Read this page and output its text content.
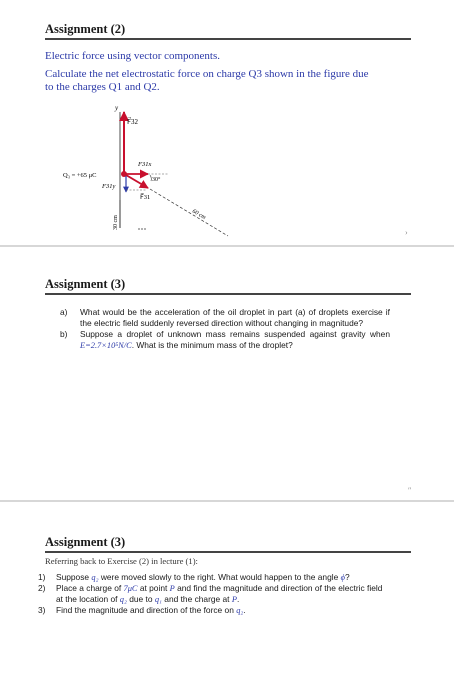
Assignment (2)
Electric force using vector components.
Calculate the net electrostatic force on charge Q3 shown in the figure due
to the charges Q1 and Q2.
y
F⃗32
Q₃ = +65 μC
F31x
F⃗31
60 cm
30°
F31y
30 cm
›
Assignment (3)
a) What would be the acceleration of the oil droplet in part (a) of droplets exercise if the electric field suddenly reversed direction without changing in magnitude?
b) Suppose a droplet of unknown mass remains suspended against gravity when E=2.7×10⁵N/C. What is the minimum mass of the droplet?
″
Assignment (3)
Referring back to Exercise (2) in lecture (1):
1) Suppose q₂ were moved slowly to the right. What would happen to the angle ϕ?
2) Place a charge of 7μC at point P and find the magnitude and direction of the electric field at the location of q₂ due to q₁ and the charge at P.
3) Find the magnitude and direction of the force on q₂.
